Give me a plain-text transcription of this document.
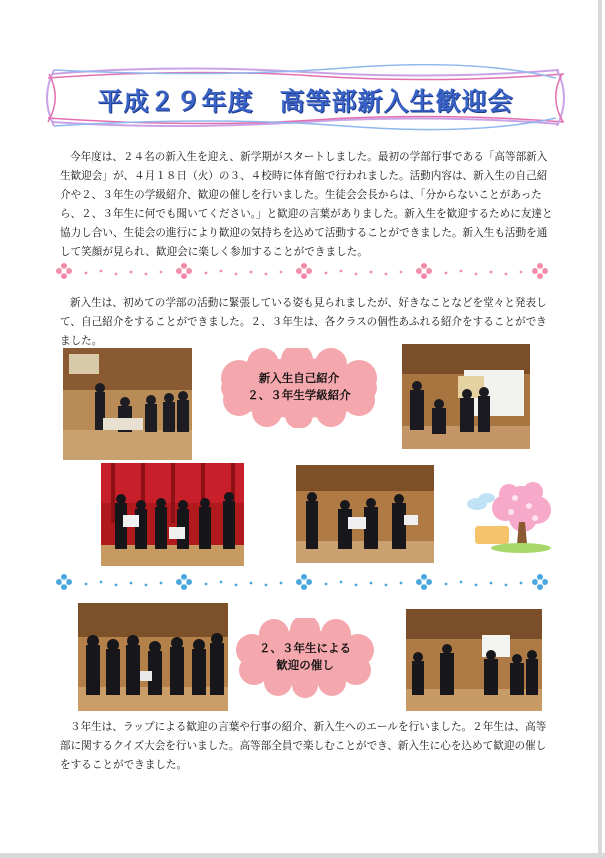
平成２９年度　高等部新入生歓迎会

今年度は、２４名の新入生を迎え、新学期がスタートしました。最初の学部行事である「高等部新入生歓迎会」が、４月１８日（火）の３、４校時に体育館で行われました。活動内容は、新入生の自己紹介や２、３年生の学級紹介、歓迎の催しを行いました。生徒会会長からは、「分からないことがあったら、２、３年生に何でも聞いてください。」と歓迎の言葉がありました。新入生を歓迎するために友達と協力し合い、生徒会の進行により歓迎の気持ちを込めて活動することができました。新入生も活動を通して笑顔が見られ、歓迎会に楽しく参加することができました。

新入生は、初めての学部の活動に緊張している姿も見られましたが、好きなことなどを堂々と発表して、自己紹介をすることができました。２、３年生は、各クラスの個性あふれる紹介をすることができました。

新入生自己紹介
２、３年生学級紹介
２、３年生による
歓迎の催し

３年生は、ラップによる歓迎の言葉や行事の紹介、新入生へのエールを行いました。２年生は、高等部に関するクイズ大会を行いました。高等部全員で楽しむことができ、新入生に心を込めて歓迎の催しをすることができました。
